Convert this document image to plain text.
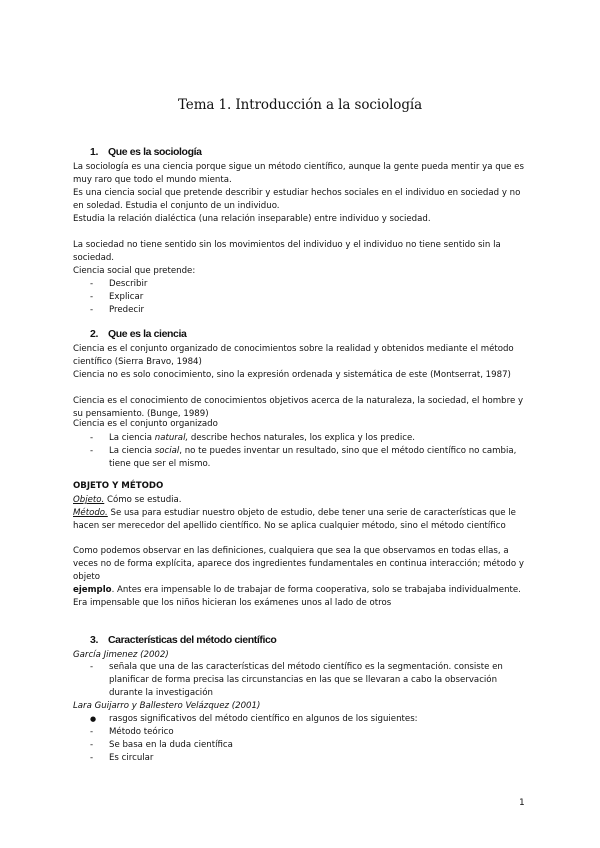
Tema 1. Introducción a la sociología
1. Que es la sociología
La sociología es una ciencia porque sigue un método científico, aunque la gente pueda mentir ya que es muy raro que todo el mundo mienta.
Es una ciencia social que pretende describir y estudiar hechos sociales en el individuo en sociedad y no en soledad. Estudia el conjunto de un individuo.
Estudia la relación dialéctica (una relación inseparable) entre individuo y sociedad.
La sociedad no tiene sentido sin los movimientos del individuo y el individuo no tiene sentido sin la sociedad.
Ciencia social que pretende:
- Describir
- Explicar
- Predecir
2. Que es la ciencia
Ciencia es el conjunto organizado de conocimientos sobre la realidad y obtenidos mediante el método científico (Sierra Bravo, 1984)
Ciencia no es solo conocimiento, sino la expresión ordenada y sistemática de este (Montserrat, 1987)
Ciencia es el conocimiento de conocimientos objetivos acerca de la naturaleza, la sociedad, el hombre y su pensamiento. (Bunge, 1989)
Ciencia es el conjunto organizado
- La ciencia natural, describe hechos naturales, los explica y los predice.
- La ciencia social, no te puedes inventar un resultado, sino que el método científico no cambia, tiene que ser el mismo.
OBJETO Y MÉTODO
Objeto. Cómo se estudia.
Método. Se usa para estudiar nuestro objeto de estudio, debe tener una serie de características que le hacen ser merecedor del apellido científico. No se aplica cualquier método, sino el método científico
Como podemos observar en las definiciones, cualquiera que sea la que observamos en todas ellas, a veces no de forma explícita, aparece dos ingredientes fundamentales en continua interacción; método y objeto
ejemplo. Antes era impensable lo de trabajar de forma cooperativa, solo se trabajaba individualmente. Era impensable que los niños hicieran los exámenes unos al lado de otros
3. Características del método científico
García Jimenez (2002)
- señala que una de las características del método científico es la segmentación. consiste en planificar de forma precisa las circunstancias en las que se llevaran a cabo la observación durante la investigación
Lara Guijarro y Ballestero Velázquez (2001)
● rasgos significativos del método científico en algunos de los siguientes:
- Método teórico
- Se basa en la duda científica
- Es circular
1
